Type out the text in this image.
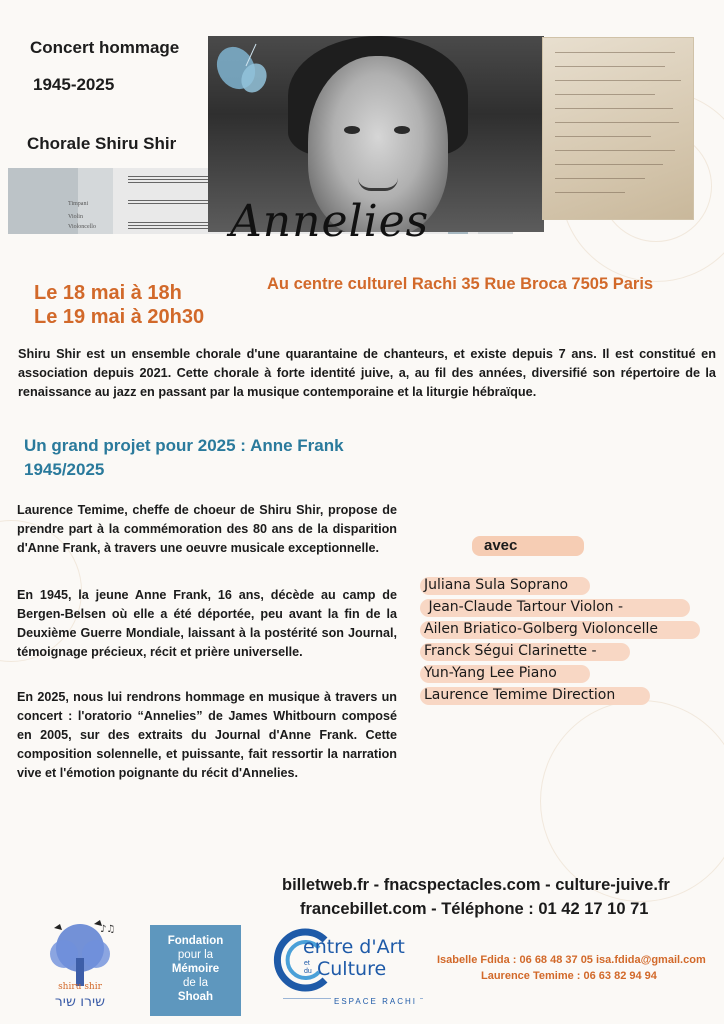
Concert hommage
1945-2025
Chorale Shiru Shir
Timpani
Violin
Violoncello	Annelies
Le 18 mai à 18h
Le 19 mai à 20h30
Au centre culturel Rachi 35 Rue Broca 7505 Paris
Shiru Shir est un ensemble chorale d'une quarantaine de chanteurs, et existe depuis 7 ans. Il est constitué en association depuis 2021. Cette chorale à forte identité juive, a, au fil des années, diversifié son répertoire de la renaissance au jazz en passant par la musique contemporaine et la liturgie hébraïque.
Un grand projet pour 2025 : Anne Frank 1945/2025
Laurence Temime, cheffe de choeur de Shiru Shir, propose de prendre part à la commémoration des 80 ans de la disparition d'Anne Frank, à travers une oeuvre musicale exceptionnelle.
En 1945, la jeune Anne Frank, 16 ans, décède au camp de Bergen-Belsen où elle a été déportée, peu avant la fin de la Deuxième Guerre Mondiale, laissant à la postérité son Journal, témoignage précieux, récit et prière universelle.
En 2025, nous lui rendrons hommage en musique à travers un concert : l'oratorio “Annelies” de James Whitbourn composé en 2005, sur des extraits du Journal d'Anne Frank. Cette composition solennelle, et puissante, fait ressortir la narration vive et l'émotion poignante du récit d'Annelies.
avec
Juliana Sula Soprano
Jean-Claude Tartour Violon -
Ailen Briatico-Golberg Violoncelle
Franck Ségui Clarinette -
Yun-Yang Lee Piano
Laurence Temime Direction
billetweb.fr - fnacspectacles.com - culture-juive.fr
francebillet.com - Téléphone : 01 42 17 10 71
♪♫
shiru shir
שירו שיר
Fondation
pour la
Mémoire
de la
Shoah
entre d'Art
et
du Culture
ESPACE RACHI
Isabelle Fdida : 06 68 48 37 05 isa.fdida@gmail.com
Laurence Temime : 06 63 82 94 94
